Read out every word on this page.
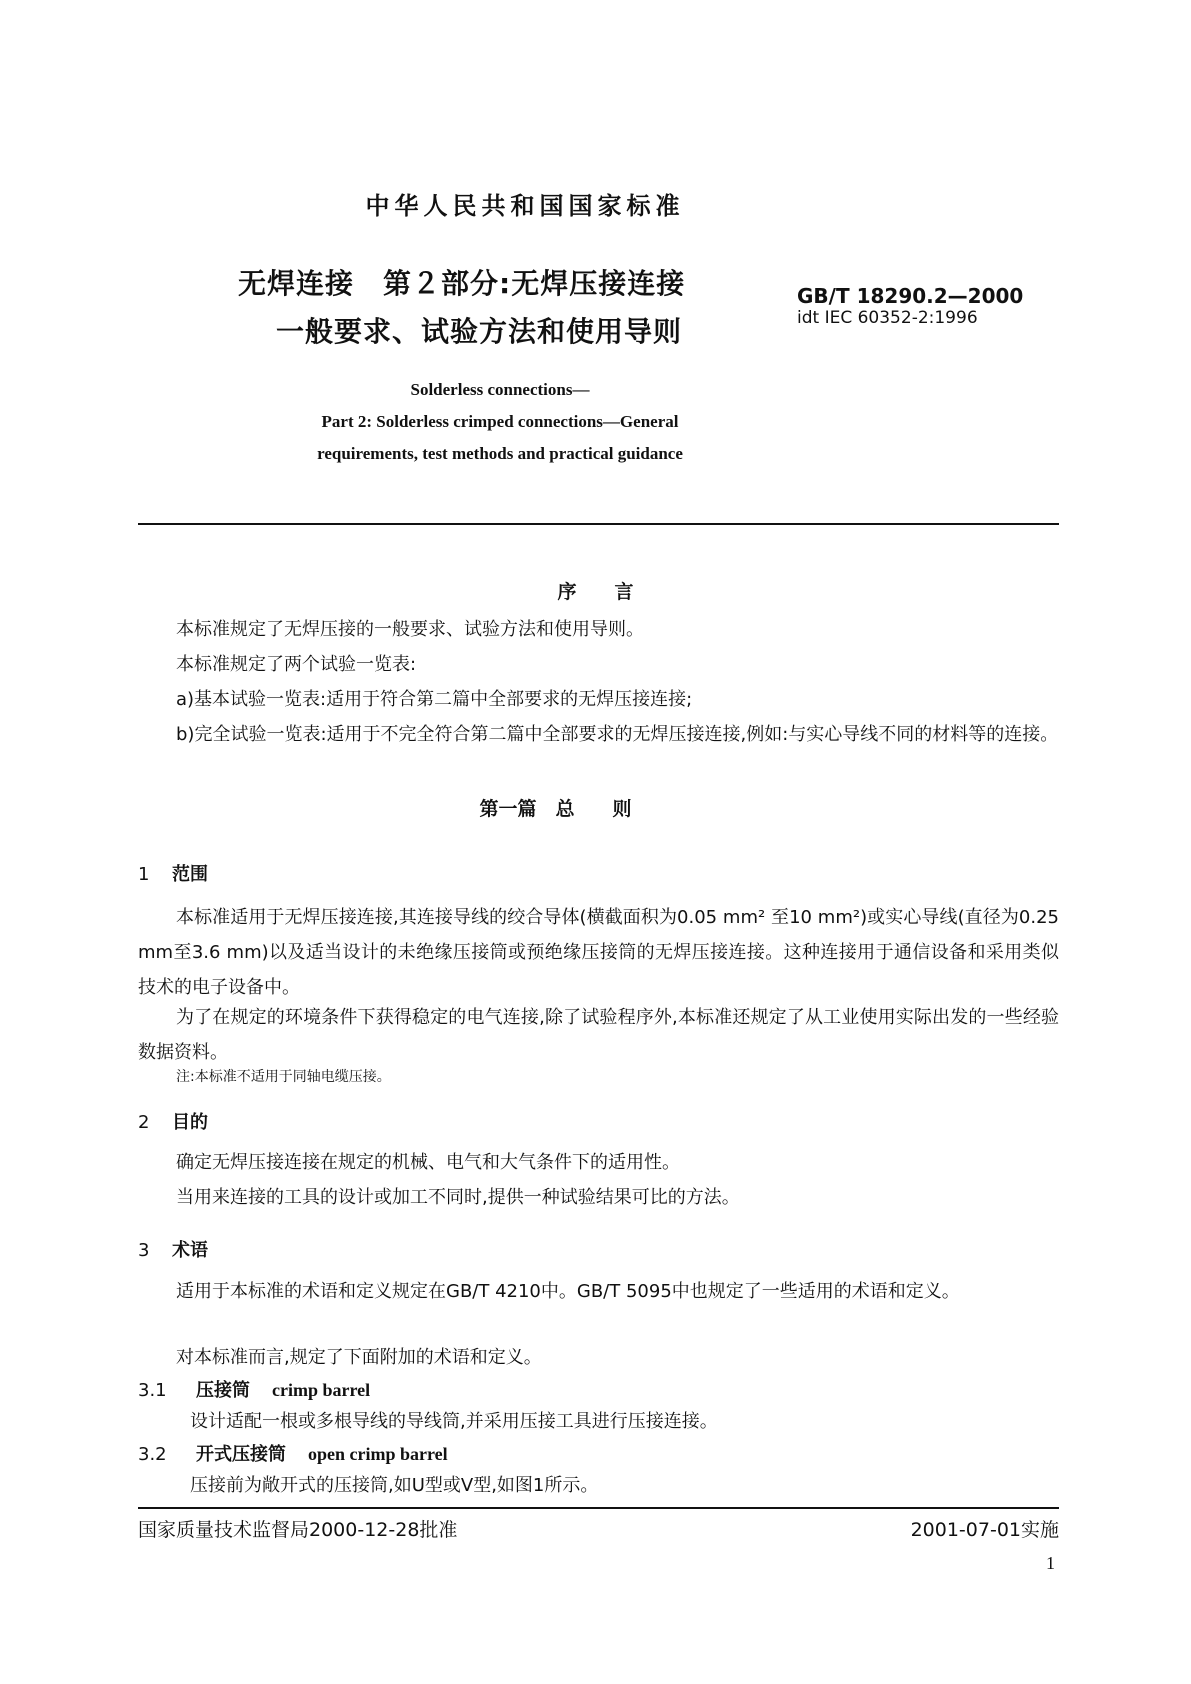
中华人民共和国国家标准
无焊连接　第２部分:无焊压接连接
一般要求、试验方法和使用导则
GB/T 18290.2—2000
idt IEC 60352-2:1996
Solderless connections—
Part 2: Solderless crimped connections—General
requirements, test methods and practical guidance
序　　言
本标准规定了无焊压接的一般要求、试验方法和使用导则。
本标准规定了两个试验一览表:
a)基本试验一览表:适用于符合第二篇中全部要求的无焊压接连接;
b)完全试验一览表:适用于不完全符合第二篇中全部要求的无焊压接连接,例如:与实心导线不同的材料等的连接。
第一篇　总　　则
1 范围
本标准适用于无焊压接连接,其连接导线的绞合导体(横截面积为0.05 mm² 至10 mm²)或实心导线(直径为0.25 mm至3.6 mm)以及适当设计的未绝缘压接筒或预绝缘压接筒的无焊压接连接。这种连接用于通信设备和采用类似技术的电子设备中。
为了在规定的环境条件下获得稳定的电气连接,除了试验程序外,本标准还规定了从工业使用实际出发的一些经验数据资料。
注:本标准不适用于同轴电缆压接。
2 目的
确定无焊压接连接在规定的机械、电气和大气条件下的适用性。
当用来连接的工具的设计或加工不同时,提供一种试验结果可比的方法。
3 术语
适用于本标准的术语和定义规定在GB/T 4210中。GB/T 5095中也规定了一些适用的术语和定义。
对本标准而言,规定了下面附加的术语和定义。
3.1 压接筒 crimp barrel
设计适配一根或多根导线的导线筒,并采用压接工具进行压接连接。
3.2 开式压接筒 open crimp barrel
压接前为敞开式的压接筒,如U型或V型,如图1所示。
国家质量技术监督局2000-12-28批准	2001-07-01实施
1
